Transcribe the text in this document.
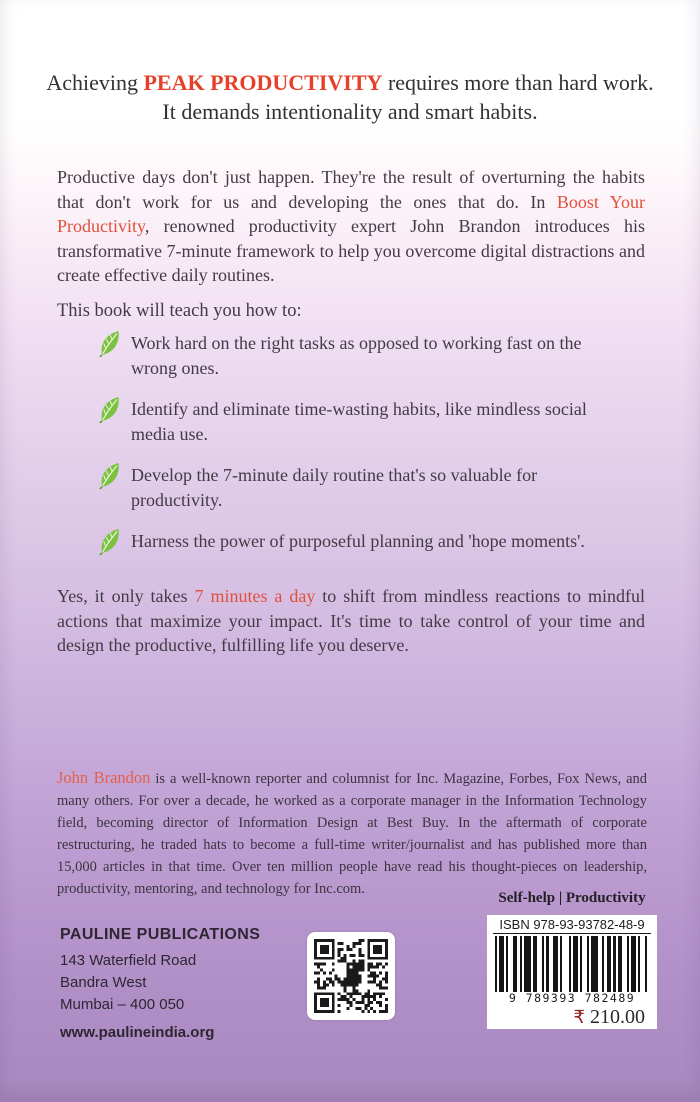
Achieving PEAK PRODUCTIVITY requires more than hard work.
It demands intentionality and smart habits.

Productive days don't just happen. They're the result of overturning the habits that don't work for us and developing the ones that do. In Boost Your Productivity, renowned productivity expert John Brandon introduces his transformative 7-minute framework to help you overcome digital distractions and create effective daily routines.

This book will teach you how to:

Work hard on the right tasks as opposed to working fast on the wrong ones.
Identify and eliminate time-wasting habits, like mindless social media use.
Develop the 7-minute daily routine that's so valuable for productivity.
Harness the power of purposeful planning and 'hope moments'.

Yes, it only takes 7 minutes a day to shift from mindless reactions to mindful actions that maximize your impact. It's time to take control of your time and design the productive, fulfilling life you deserve.

John Brandon is a well-known reporter and columnist for Inc. Magazine, Forbes, Fox News, and many others. For over a decade, he worked as a corporate manager in the Information Technology field, becoming director of Information Design at Best Buy. In the aftermath of corporate restructuring, he traded hats to become a full-time writer/journalist and has published more than 15,000 articles in that time. Over ten million people have read his thought-pieces on leadership, productivity, mentoring, and technology for Inc.com.

PAULINE PUBLICATIONS
143 Waterfield Road
Bandra West
Mumbai – 400 050
www.paulineindia.org
Self-help | Productivity
ISBN 978-93-93782-48-9
9 789393 782489
₹ 210.00
